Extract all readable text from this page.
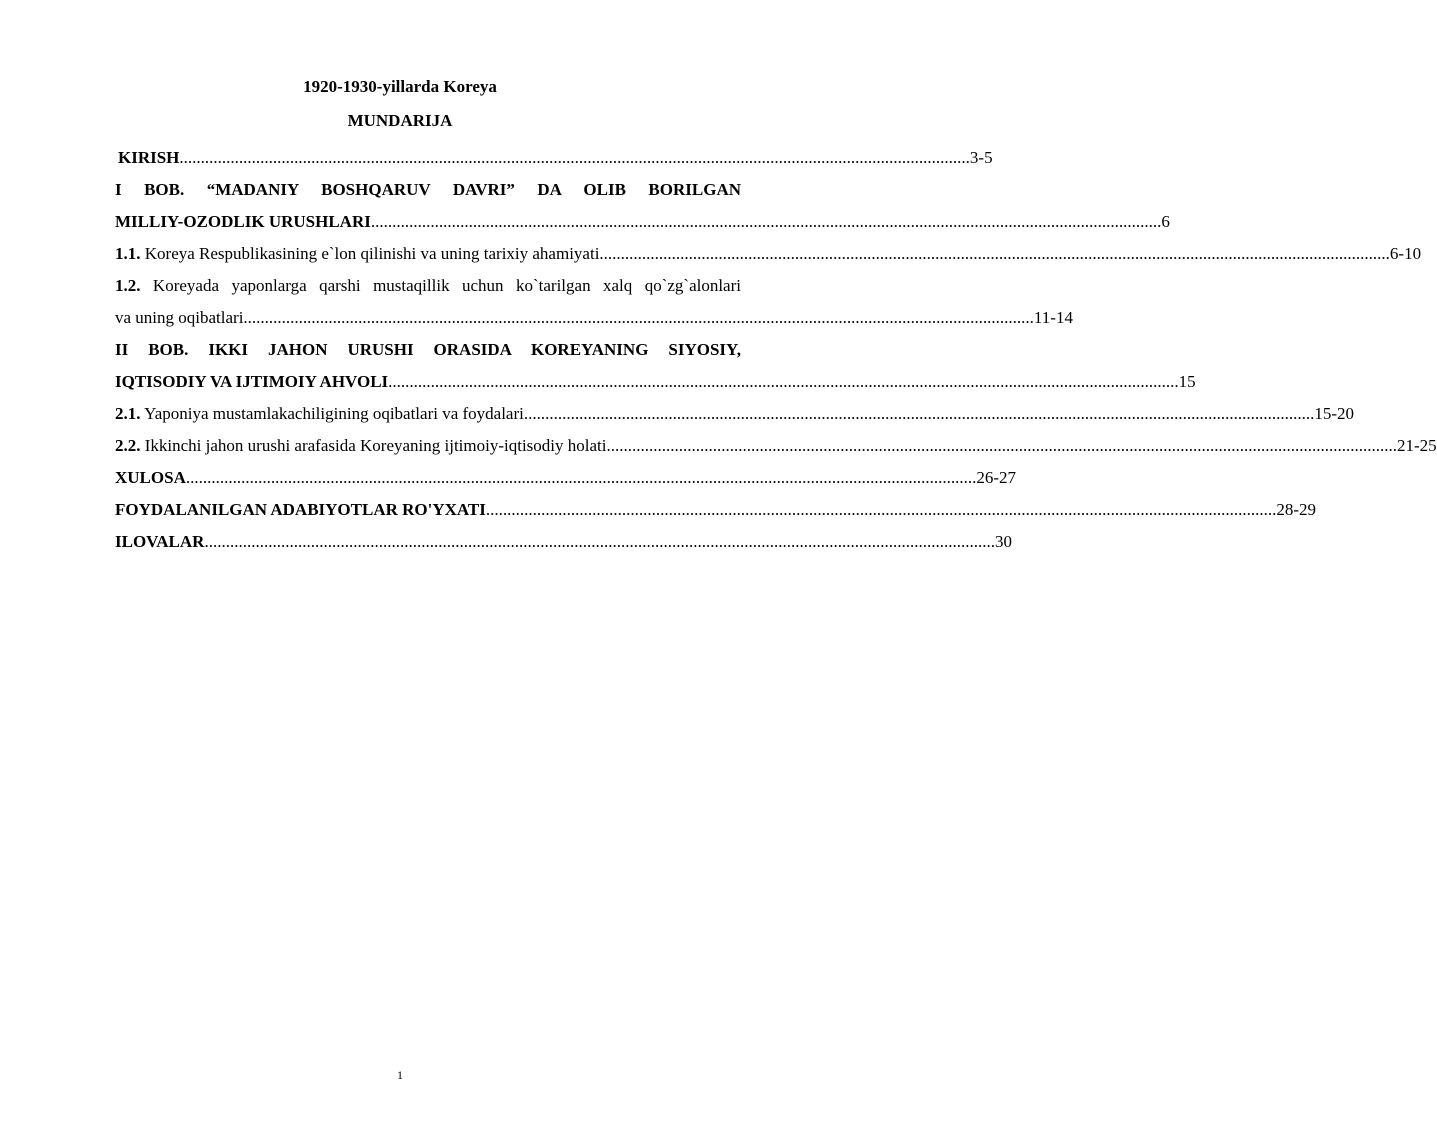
1920-1930-yillarda Koreya
MUNDARIJA
KIRISH .......................................................................................................................................................................................... 3-5
I BOB. “MADANIY BOSHQARUV DAVRI” DA OLIB BORILGAN
MILLIY-OZODLIK URUSHLARI .......................................................................................................................................................................................... 6
1.1. Koreya Respublikasining e`lon qilinishi va uning tarixiy ahamiyati .......................................................................................................................................................................................... 6-10
1.2. Koreyada yaponlarga qarshi mustaqillik uchun ko`tarilgan xalq qo`zg`alonlari
va uning oqibatlari .......................................................................................................................................................................................... 11-14
II BOB. IKKI JAHON URUSHI ORASIDA KOREYANING SIYOSIY,
IQTISODIY VA IJTIMOIY AHVOLI .......................................................................................................................................................................................... 15
2.1. Yaponiya mustamlakachiligining oqibatlari va foydalari .......................................................................................................................................................................................... 15-20
2.2. Ikkinchi jahon urushi arafasida Koreyaning ijtimoiy-iqtisodiy holati .......................................................................................................................................................................................... 21-25
XULOSA .......................................................................................................................................................................................... 26-27
FOYDALANILGAN ADABIYOTLAR RO'YXATI .......................................................................................................................................................................................... 28-29
ILOVALAR .......................................................................................................................................................................................... 30
1
